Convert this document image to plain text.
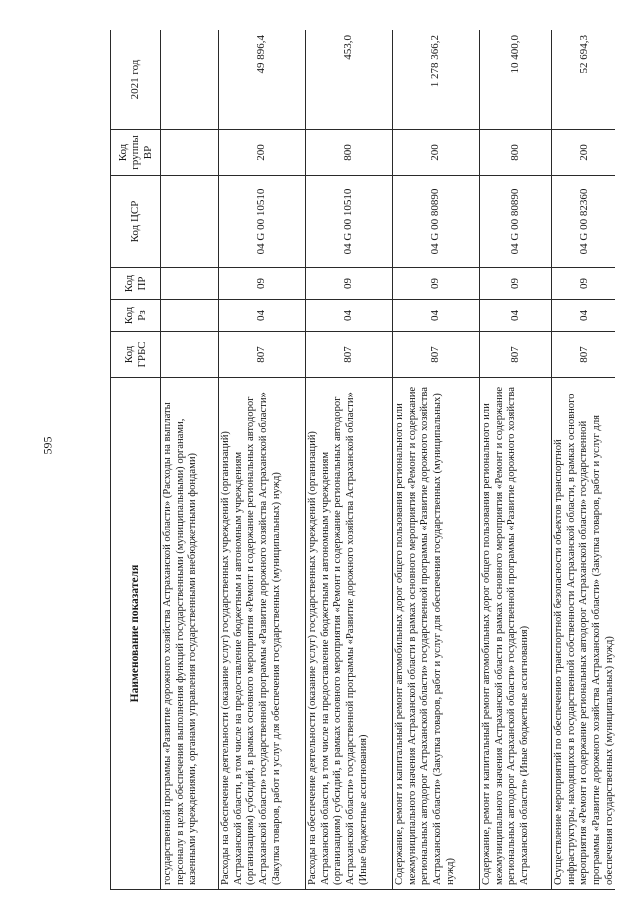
595
Наименование показателя	Код ГРБС	Код Рз	Код ПР	Код ЦСР	Код группы ВР	2021 год
государственной программы «Развитие дорожного хозяйства Астраханской области» (Расходы на выплаты персоналу в целях обеспечения выполнения функций государственными (муниципальными) органами, казенными учреждениями, органами управления государственными внебюджетными фондами)						
Расходы на обеспечение деятельности (оказание услуг) государственных учреждений (организаций) Астраханской области, в том числе на предоставление бюджетным и автономным учреждениям (организациям) субсидий, в рамках основного мероприятия «Ремонт и содержание региональных автодорог Астраханской области» государственной программы «Развитие дорожного хозяйства Астраханской области» (Закупка товаров, работ и услуг для обеспечения государственных (муниципальных) нужд)	807	04	09	04 G 00 10510	200	49 896,4
Расходы на обеспечение деятельности (оказание услуг) государственных учреждений (организаций) Астраханской области, в том числе на предоставление бюджетным и автономным учреждениям (организациям) субсидий, в рамках основного мероприятия «Ремонт и содержание региональных автодорог Астраханской области» государственной программы «Развитие дорожного хозяйства Астраханской области» (Иные бюджетные ассигнования)	807	04	09	04 G 00 10510	800	453,0
Содержание, ремонт и капитальный ремонт автомобильных дорог общего пользования регионального или межмуниципального значения Астраханской области в рамках основного мероприятия «Ремонт и содержание региональных автодорог Астраханской области» государственной программы «Развитие дорожного хозяйства Астраханской области» (Закупка товаров, работ и услуг для обеспечения государственных (муниципальных) нужд)	807	04	09	04 G 00 80890	200	1 278 366,2
Содержание, ремонт и капитальный ремонт автомобильных дорог общего пользования регионального или межмуниципального значения Астраханской области в рамках основного мероприятия «Ремонт и содержание региональных автодорог Астраханской области» государственной программы «Развитие дорожного хозяйства Астраханской области» (Иные бюджетные ассигнования)	807	04	09	04 G 00 80890	800	10 400,0
Осуществление мероприятий по обеспечению транспортной безопасности объектов транспортной инфраструктуры, находящихся в государственной собственности Астраханской области, в рамках основного мероприятия «Ремонт и содержание региональных автодорог Астраханской области» государственной программы «Развитие дорожного хозяйства Астраханской области» (Закупка товаров, работ и услуг для обеспечения государственных (муниципальных) нужд)	807	04	09	04 G 00 82360	200	52 694,3
